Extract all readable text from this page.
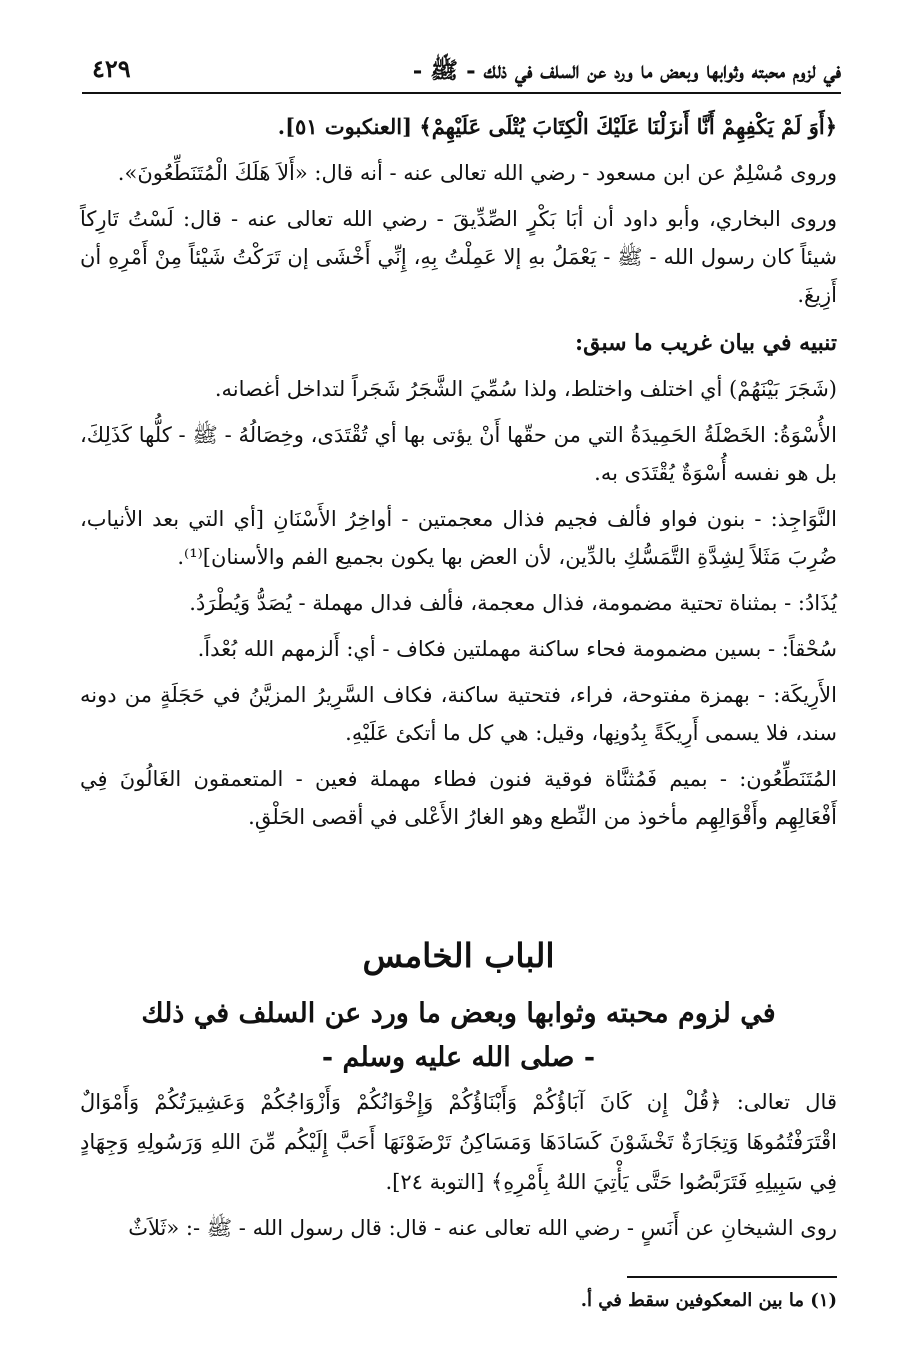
في لزوم محبته وثوابها وبعض ما ورد عن السلف في ذلك - ﷺ -
٤٢٩

﴿أَوَ لَمْ يَكْفِهِمْ أَنَّا أَنزَلْنَا عَلَيْكَ الْكِتَابَ يُتْلَى عَلَيْهِمْ﴾ [العنكبوت ٥١].

وروى مُسْلِمٌ عن ابن مسعود - رضي الله تعالى عنه - أنه قال: «أَلاَ هَلَكَ الْمُتَنَطِّعُونَ».

وروى البخاري، وأبو داود أن أبَا بَكْرٍ الصِّدِّيقَ - رضي الله تعالى عنه - قال: لَسْتُ تَارِكاً شيئاً كان رسول الله - ﷺ - يَعْمَلُ بهِ إلا عَمِلْتُ بِهِ، إِنِّي أَخْشَى إن تَرَكْتُ شَيْئاً مِنْ أَمْرِهِ أن أَزِيغَ.

تنبيه في بيان غريب ما سبق:

(شَجَرَ بَيْنَهُمْ) أي اختلف واختلط، ولذا سُمِّيَ الشَّجَرُ شَجَراً لتداخل أغصانه.

الأُسْوَةُ: الخَصْلَةُ الحَمِيدَةُ التي من حقّها أَنْ يؤتى بها أي تُقْتَدَى، وخِصَالُهُ - ﷺ - كلُّها كَذَلِكَ، بل هو نفسه أُسْوَةٌ يُقْتَدَى به.

النَّوَاجِذ: - بنون فواو فألف فجيم فذال معجمتين - أواخِرُ الأَسْنَانِ [أي التي بعد الأنياب، ضُرِبَ مَثَلاً لِشِدَّةِ التَّمَسُّكِ بالدِّين، لأن العض بها يكون بجميع الفم والأسنان]⁽¹⁾.

يُذَادُ: - بمثناة تحتية مضمومة، فذال معجمة، فألف فدال مهملة - يُصَدُّ وَيُطْرَدُ.

سُحْقاً: - بسين مضمومة فحاء ساكنة مهملتين فكاف - أي: أَلزمهم الله بُعْداً.

الأَرِيكَة: - بهمزة مفتوحة، فراء، فتحتية ساكنة، فكاف السَّرِيرُ المزيَّنُ في حَجَلَةٍ من دونه سند، فلا يسمى أَرِيكَةً بِدُونِها، وقيل: هي كل ما أتكئ عَلَيْهِ.

المُتَنَطِّعُون: - بميم فَمُثنَّاة فوقية فنون فطاء مهملة فعين - المتعمقون الغَالُونَ فِي أَفْعَالِهِم وأَقْوَالِهِم مأخوذ من النِّطع وهو الغارُ الأَعْلى في أقصى الحَلْقِ.

الباب الخامس
في لزوم محبته وثوابها وبعض ما ورد عن السلف في ذلك
- صلى الله عليه وسلم -

قال تعالى: ﴿قُلْ إِن كَانَ آبَاؤُكُمْ وَأَبْنَاؤُكُمْ وَإِخْوَانُكُمْ وَأَزْوَاجُكُمْ وَعَشِيرَتُكُمْ وَأَمْوَالٌ اقْتَرَفْتُمُوهَا وَتِجَارَةٌ تَخْشَوْنَ كَسَادَهَا وَمَسَاكِنُ تَرْضَوْنَهَا أَحَبَّ إِلَيْكُم مِّنَ اللهِ وَرَسُولِهِ وَجِهَادٍ فِي سَبِيلِهِ فَتَرَبَّصُوا حَتَّى يَأْتِيَ اللهُ بِأَمْرِهِ﴾ [التوبة ٢٤].

روى الشيخانِ عن أَنَسٍ - رضي الله تعالى عنه - قال: قال رسول الله - ﷺ -: «ثَلاَثٌ

(١) ما بين المعكوفين سقط في أ.
